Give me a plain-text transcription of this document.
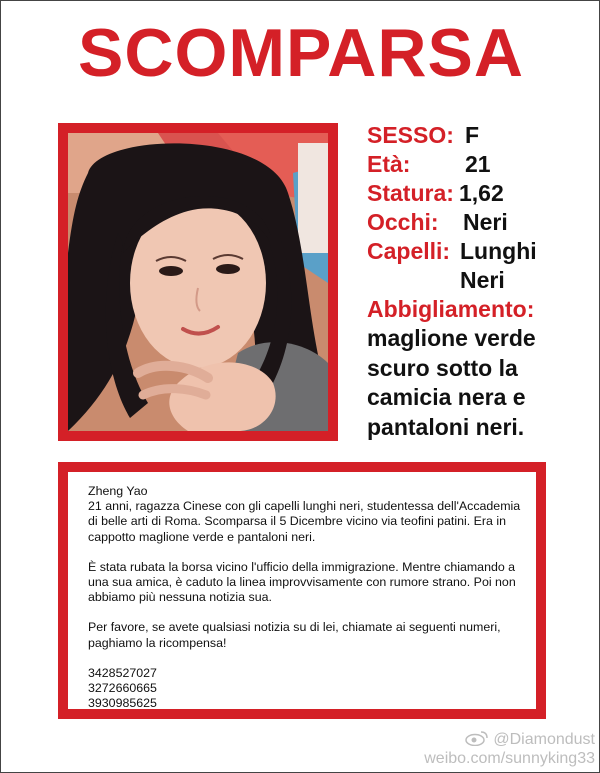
SCOMPARSA
SESSO: F
Età: 21
Statura: 1,62
Occhi: Neri
Capelli: Lunghi
Neri
Abbigliamento:
maglione verde
scuro sotto la
camicia nera e
pantaloni neri.

Zheng Yao

21 anni, ragazza Cinese con gli capelli lunghi neri, studentessa dell'Accademia di belle arti di Roma. Scomparsa il 5 Dicembre vicino via teofini patini. Era in cappotto maglione verde e pantaloni neri.

È stata rubata la borsa vicino l'ufficio della immigrazione. Mentre chiamando a una sua amica, è caduto la linea improvvisamente con rumore strano. Poi non abbiamo più nessuna notizia sua.

Per favore, se avete qualsiasi notizia su di lei, chiamate ai seguenti numeri, paghiamo la ricompensa!

3428527027
3272660665
3930985625
@Diamondust
weibo.com/sunnyking33
